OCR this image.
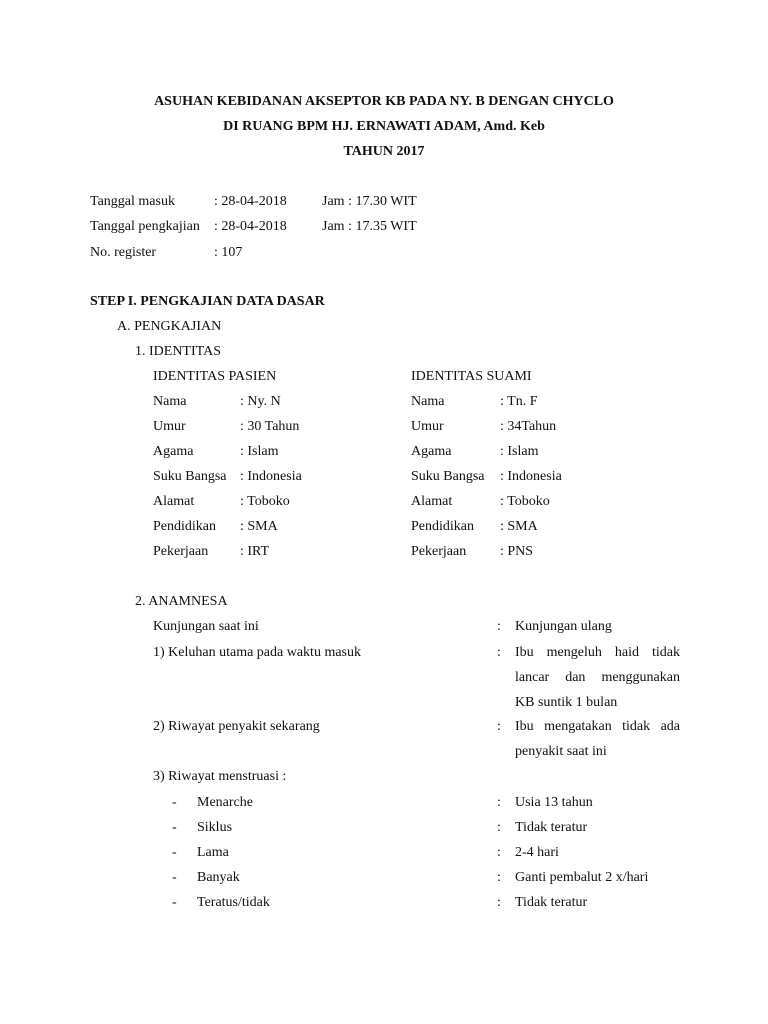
ASUHAN KEBIDANAN AKSEPTOR KB PADA NY. B DENGAN CHYCLO
DI RUANG BPM HJ. ERNAWATI ADAM, Amd. Keb
TAHUN 2017
Tanggal masuk	: 28-04-2018	Jam : 17.30 WIT
Tanggal pengkajian : 28-04-2018	Jam : 17.35 WIT
No. register	: 107
STEP I. PENGKAJIAN DATA DASAR
A. PENGKAJIAN
1. IDENTITAS
IDENTITAS PASIEN	IDENTITAS SUAMI
Nama	: Ny. N
Umur	: 30 Tahun
Agama	: Islam
Suku Bangsa : Indonesia
Alamat	: Toboko
Pendidikan : SMA
Pekerjaan : IRT
Nama	: Tn. F
Umur	: 34Tahun
Agama	: Islam
Suku Bangsa : Indonesia
Alamat	: Toboko
Pendidikan : SMA
Pekerjaan : PNS
2. ANAMNESA
Kunjungan saat ini	: Kunjungan ulang
1) Keluhan utama pada waktu masuk	: Ibu mengeluh haid tidak
lancar dan menggunakan
KB suntik 1 bulan
2) Riwayat penyakit sekarang	: Ibu mengatakan tidak ada
penyakit saat ini
3) Riwayat menstruasi :
- Menarche	: Usia 13 tahun
- Siklus	: Tidak teratur
- Lama	: 2-4 hari
- Banyak	: Ganti pembalut 2 x/hari
- Teratus/tidak	: Tidak teratur
